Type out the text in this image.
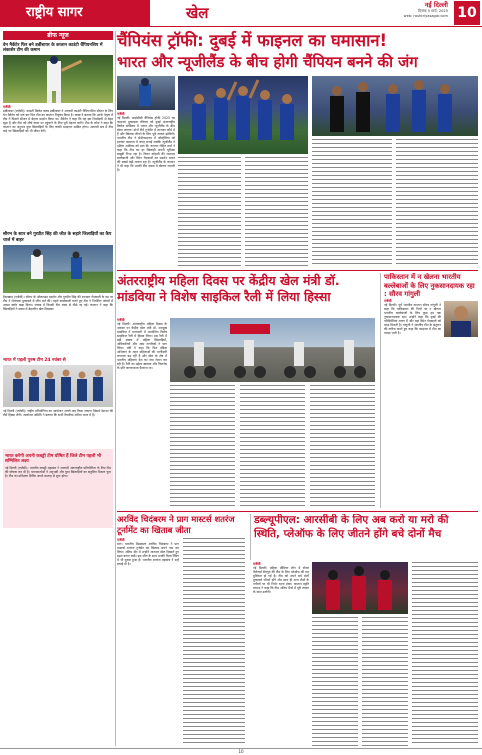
राष्ट्रीय सागर	खेल	नई दिल्ली
दिनांक 5 मार्च, 2025
web: rashtriyasagar.com 10
ब्रीफ न्यूज
वेन मैकेंटेर फिर बने डर्बीशायर के कप्तान काउंटी चैंपियनशिप में लंकाशेर टीम की कमान
एजेंसी
डर्बीशायर (एजेंसी)। काउंटी क्रिकेट क्लब डर्बीशायर ने आगामी काउंटी चैंपियनशिप सीजन के लिए वेन मैकेंटेर को एक बार फिर टीम का कप्तान नियुक्त किया है। क्लब ने बताया कि उनके नेतृत्व में टीम ने पिछले सीजन में बेहतर प्रदर्शन किया था। मैकेंटेर ने कहा कि वह इस जिम्मेदारी से बेहद खुश हैं और टीम को शीर्ष स्थान पर पहुंचाने के लिए पूरी मेहनत करेंगे। टीम के कोच ने कहा कि कप्तान का अनुभव युवा खिलाड़ियों के लिए काफी मददगार साबित होगा। आगामी सत्र में टीम कई नए खिलाड़ियों को भी मौका देगी।
सौरभ के स्टार बने गुरप्रीत सिंह की जीत के सहारे जिलाड़ियों का कैप चार्ज में बाहर
हैदराबाद (एजेंसी)। सौरभ के ऑलराउंड प्रदर्शन और गुरप्रीत सिंह की शानदार गेंदबाजी के दम पर टीम ने रोमांचक मुकाबले में जीत दर्ज की। पहले बल्लेबाजी करते हुए टीम ने निर्धारित ओवरों में अच्छा स्कोर खड़ा किया। जवाब में विपक्षी टीम लक्ष्य से पीछे रह गई। कप्तान ने कहा कि खिलाड़ियों ने दबाव में बेहतरीन खेल दिखाया।
भारत में पहली पुरुष टीम 24 नवंबर से
नई दिल्ली (एजेंसी)। राष्ट्रीय प्रतियोगिता का आयोजन अगले माह किया जाएगा जिसमें देशभर की टीमें हिस्सा लेंगी। आयोजन समिति ने बताया कि सभी तैयारियां अंतिम चरण में हैं।
भारत करेगी अपनी कबड्डी टीम घोषित हैं जिले टीम पहली भी सम्मिलित लक्ष्य
नई दिल्ली (एजेंसी)। भारतीय कबड्डी महासंघ ने आगामी अंतरराष्ट्रीय प्रतियोगिता के लिए टीम की घोषणा कर दी है। चयनकर्ताओं ने अनुभवी और युवा खिलाड़ियों का संतुलित मिश्रण चुना है। टीम का प्रशिक्षण शिविर अगले सप्ताह से शुरू होगा।
चैंपियंस ट्रॉफी: दुबई में फाइनल का घमासान!
भारत और न्यूजीलैंड के बीच होगी चैंपियन बनने की जंग
एजेंसी
नई दिल्ली। आईसीसी चैंपियंस ट्रॉफी 2025 का फाइनल मुकाबला रविवार को दुबई अंतरराष्ट्रीय क्रिकेट स्टेडियम में भारत और न्यूजीलैंड के बीच खेला जाएगा। दोनों टीमें टूर्नामेंट में शानदार फॉर्म में हैं और खिताब जीतने के लिए पूरी ताकत झोंकेंगी। भारतीय टीम ने सेमीफाइनल में ऑस्ट्रेलिया को हराकर फाइनल में जगह बनाई जबकि न्यूजीलैंड ने दक्षिण अफ्रीका को मात दी। कप्तान रोहित शर्मा ने कहा कि टीम का हर खिलाड़ी अपनी भूमिका बखूबी निभा रहा है। विराट कोहली की शानदार बल्लेबाजी और स्पिन गेंदबाजों का प्रदर्शन भारत की सबसे बड़ी ताकत रहा है। न्यूजीलैंड के कप्तान ने भी कहा कि उनकी टीम दबाव में खेलना जानती है।
अंतरराष्ट्रीय महिला दिवस पर केंद्रीय खेल मंत्री डॉ. मांडविया ने विशेष साइकिल रैली में लिया हिस्सा
एजेंसी
नई दिल्ली। अंतरराष्ट्रीय महिला दिवस के अवसर पर केंद्रीय खेल मंत्री डॉ. मनसुख मांडविया ने राजधानी में आयोजित विशेष साइकिल रैली में हिस्सा लिया। इस रैली में बड़ी संख्या में महिला खिलाड़ियों, अधिकारियों और आम नागरिकों ने भाग लिया। मंत्री ने कहा कि फिट इंडिया अभियान के तहत महिलाओं की भागीदारी लगातार बढ़ रही है और खेल के क्षेत्र में भारतीय महिलाएं देश का नाम रोशन कर रही हैं। रैली का उद्देश्य स्वास्थ्य और फिटनेस के प्रति जागरूकता फैलाना था।
पाकिस्तान में न खेलना भारतीय बल्लेबाजों के लिए नुकसानदायक रहा : सौरव गांगुली
एजेंसी
नई दिल्ली। पूर्व भारतीय कप्तान सौरव गांगुली ने कहा कि पाकिस्तान की पिचों पर न खेलना भारतीय बल्लेबाजों के लिए कुछ हद तक नुकसानदायक रहा। उन्होंने कहा कि दुबई की परिस्थितियां अलग हैं और वहां स्पिन गेंदबाजों को मदद मिलती है। गांगुली ने भारतीय टीम के संतुलन की तारीफ करते हुए कहा कि फाइनल में टीम का पलड़ा भारी है।
अरविंद चिदंबरम ने प्राग मास्टर्स शतरंज टूर्नामेंट का खिताब जीता
एजेंसी
प्राग। भारतीय ग्रैंडमास्टर अरविंद चिदंबरम ने प्राग मास्टर्स शतरंज टूर्नामेंट का खिताब अपने नाम कर लिया। अंतिम दौर में उन्होंने शानदार खेल दिखाते हुए बढ़त बनाए रखी। इस जीत के साथ उनकी विश्व रैंकिंग में भी सुधार हुआ है। भारतीय शतरंज महासंघ ने उन्हें बधाई दी है।
डब्ल्यूपीएल: आरसीबी के लिए अब करो या मरो की स्थिति, प्लेऑफ के लिए जीतने होंगे बचे दोनों मैच
एजेंसी
नई दिल्ली। महिला प्रीमियर लीग में रॉयल चैलेंजर्स बेंगलुरु की टीम के लिए प्लेऑफ की राह मुश्किल हो गई है। टीम को अपने बचे दोनों मुकाबले जीतने होंगे और साथ ही अन्य टीमों के नतीजों पर भी निर्भर रहना होगा। कप्तान स्मृति मंधाना ने कहा कि टीम अंतिम मैचों में पूरी ताकत के साथ उतरेगी।
10
